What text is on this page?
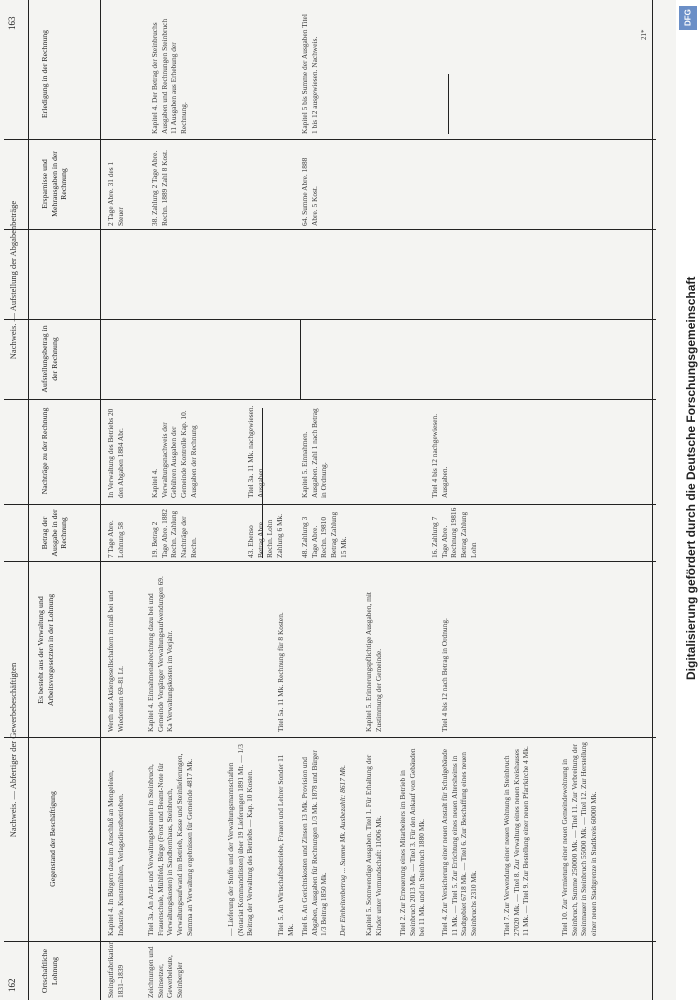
162
163
21*
Nachweis. — Abfertiger der Gewerbebeschäftigten
Nachweis. — Aufstellung der Abgabenbeträge
Ortschaftliche Lohnung
Gegenstand der Beschäftigung
Es besteht aus der Verwaltung und Arbeitsvorgesetzten in der Lohnung
Betrag der Ausgabe in der Rechnung
Nachträge zu der Rechnung
Aufstellungsbetrag in der Rechnung
Ersparnisse und Mehrausgaben in der Rechnung
Erledigung in der Rechnung
Steingutfabrikation 1831–1839
Kapitel 4. In Bürgern dazu im Anschluß an Mengeleien, Industrie, Kunstmühlen, Verlagsdienstbetrieben.
Werth aus Aktiengesellschaftern in maß bei und Wiedemann 69–81 Lt.
Zeichnungen und Steinsetzer, Gewerbeleute, Steinbergler
Titel 3a. An Arzt- und Verwaltungsbeamten in Steinbruch, Frauenschule, Mühlfeld, Bürge (Forst und Beamt-Note für Verwaltungskosten) in Sandbornhaus, Steinbruch, Verwaltungsaufwand im Betrieb, Kasse und Steinlieferungen, Summa an Verwaltung ergebnissen für Gemeinde 4817 Mk.
Kapitel 4. Einnahmenabrechnung dazu bei und Gemeinde Vorgänger Verwaltungsaufwendungen 69. Ka Verwaltungskosten im Vorjahr.
— Lieferung der Stoffe und der Verwaltungsmannschaften (Notariat Kommanditisten) über 19 Lieferungen 1891 Mt. — 1/3 Beitrag der Verwaltung des Betriebs — Kap. 10 Kosten.	Titel 5. An Wirtschaftsbetriebe, Frauen und Lehrer Sonder 11 Mk.
Titel 5a. 11 Mk. Rechnung für 8 Kosten.
Titel 6. An Gerichtskosten und Zinsen 13 Mk. Provision und Abgaben, Ausgaben für Rechnungen 1/3 Mk. 1878 und Bürger 1/3 Beitrag 1850 Mk. Der Einheitenbetrag ... Summe Mk. Ausbezahlt: 8617 Mk. Kapitel 5. Sonnwendige Ausgaben. Titel 1. Für Erhaltung der Kinder unter Vormundschaft: 11006 Mk.
Kapitel 5. Erinnerungspflichtige Ausgaben, mit Zustimmung der Gemeinde.
Titel 2. Zur Erneuerung eines Mitarbeiters im Betrieb in Steinbruch 2013 Mk. — Titel 3. Für den Ankauf von Gebäuden bei 11 Mk. und in Steinbruch 1880 Mk. Titel 4. Zur Versicherung einer neuen Anstalt für Schulgebäude 11 Mk. — Titel 5. Zur Errichtung eines neuen Altersheims in Stadtgebiet 6718 Mk. — Titel 6. Zur Beschaffung eines neuen Steinbruchs 2310 Mk.
Titel 4 bis 12 nach Betrag in Ordnung.
Titel 7. Zur Verwendung einer neuen Wohnung in Steinbruch 27020 Mk. — Titel 8. Zur Verwaltung eines neuen Kreishauses 11 Mk. — Titel 9. Zur Bestellung einer neuen Pfarrkirche 4 Mk.	Titel 10. Zur Vermietung einer neuen Gemeindewohnung in Steinbruch, Summe 250000 Mk. — Titel 11. Zur Verbreitung der Steinmauer in Steinbruch 55000 Mk. — Titel 12. Zur Herstellung einer neuen Stadtgrenze in Stadtkreis 60000 Mk.
7 Tage Abre. Lohnung 58
In Verwaltung des Betriebs 20 den Abgaben 1884 Abr.
2 Tage Abre. 31 des 1 Steuer
19. Betrag 2 Tage Abre. 1882 Rechn. Zahlung Nachträge der Rechn.
Kapitel 4. Verwaltungsnachweis der Gebühren Ausgaben der Gemeinde Kontrolle Kap. 10. Ausgaben der Rechnung
38. Zahlung 2 Tage Abre. Rechn. 1889 Zahl 8 Kost.
Kapitel 4. Der Betrag der Steinbruchs Ausgaben und Rechnungen Steinbruch 11 Ausgaben aus Erhebung der Rechnung.
43. Ebenso Betrag Abre. Rechn. Lohn Zahlung 6 Mk.
Titel 3a. 11 Mk. nachgewiesen. Ausgaben.
48. Zahlung 3 Tage Abre. Rechn. 19810 Betrag Zahlung 15 Mk.
Kapitel 5. Einnahmen. Ausgaben. Zahl 1 nach Betrag in Ordnung.
64. Summe Abre. 1888 Abre. 5 Kost.
Kapitel 5 bis Summe der Ausgaben Titel 1 bis 12 ausgewiesen. Nachweis.
16. Zahlung 7 Tage Abre. Rechnung 19816 Betrag Zahlung Lohn
Titel 4 bis 12 nachgewiesen. Ausgaben.
DFG
Digitalisierung gefördert durch die Deutsche Forschungsgemeinschaft
